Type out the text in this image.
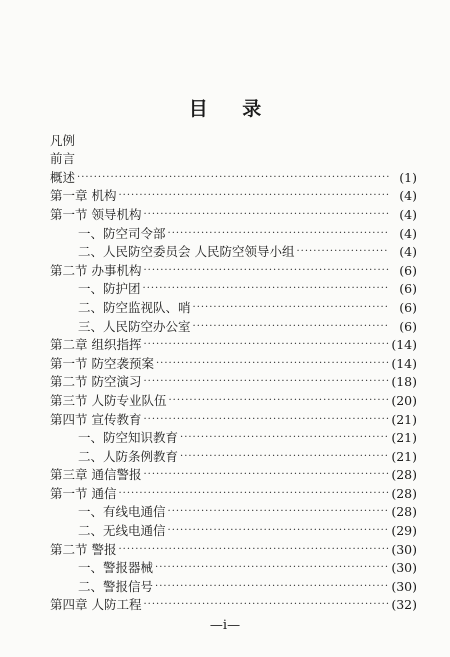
目 录
凡例
前言
概述 ·····	(1)
第一章 机构 ·····	(4)
第一节 领导机构 ·····	(4)
一、防空司令部 ·····	(4)
二、人民防空委员会 人民防空领导小组 ·····	(4)
第二节 办事机构 ·····	(6)
一、防护团 ·····	(6)
二、防空监视队、哨 ·····	(6)
三、人民防空办公室 ·····	(6)
第二章 组织指挥 ·····	(14)
第一节 防空袭预案 ·····	(14)
第二节 防空演习 ·····	(18)
第三节 人防专业队伍 ·····	(20)
第四节 宣传教育 ·····	(21)
一、防空知识教育 ·····	(21)
二、人防条例教育 ·····	(21)
第三章 通信警报 ·····	(28)
第一节 通信 ·····	(28)
一、有线电通信 ·····	(28)
二、无线电通信 ·····	(29)
第二节 警报 ·····	(30)
一、警报器械 ·····	(30)
二、警报信号 ·····	(30)
第四章 人防工程 ·····	(32)
—i—
